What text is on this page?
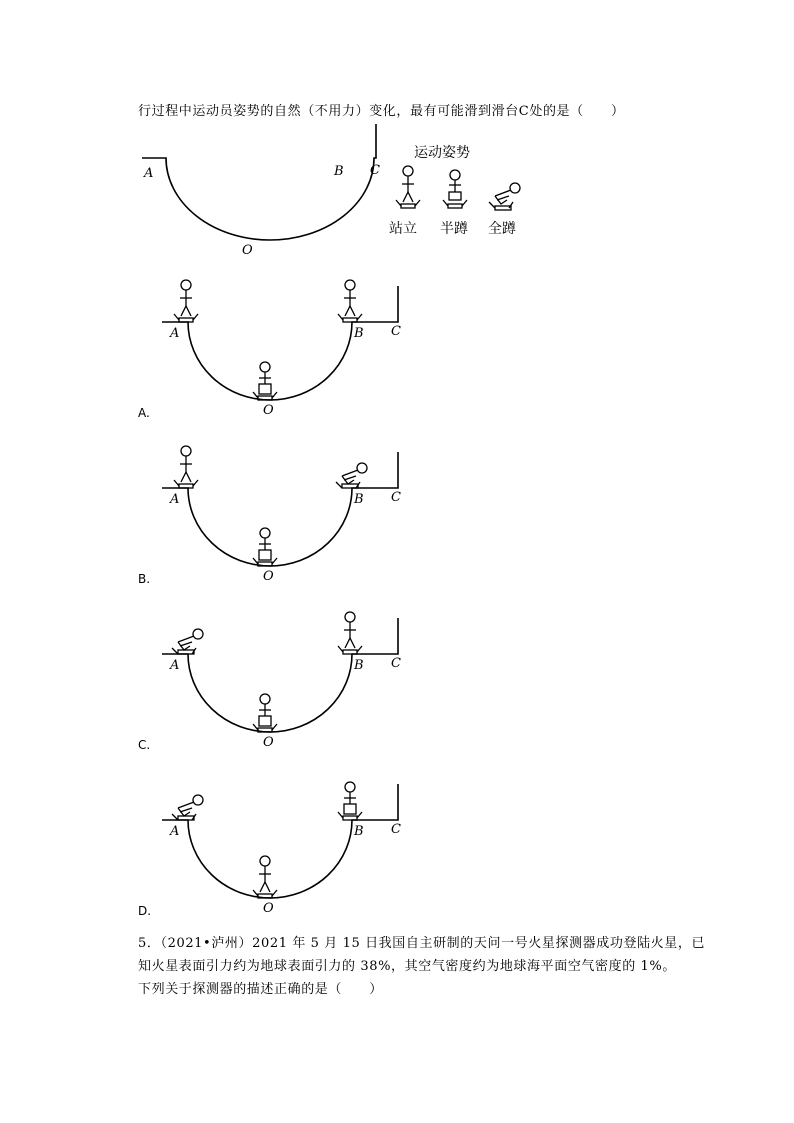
行过程中运动员姿势的自然（不用力）变化，最有可能滑到滑台C处的是（　　）
A	B C
O
运动姿势
站立 半蹲 全蹲
A	B C
O
A.
A	B C
O
B.
A	B C
O
C.
A	B C
O
D.
5．（2021•泸州）2021 年 5 月 15 日我国自主研制的天问一号火星探测器成功登陆火星，已
知火星表面引力约为地球表面引力的 38%，其空气密度约为地球海平面空气密度的 1%。
下列关于探测器的描述正确的是（　　）
